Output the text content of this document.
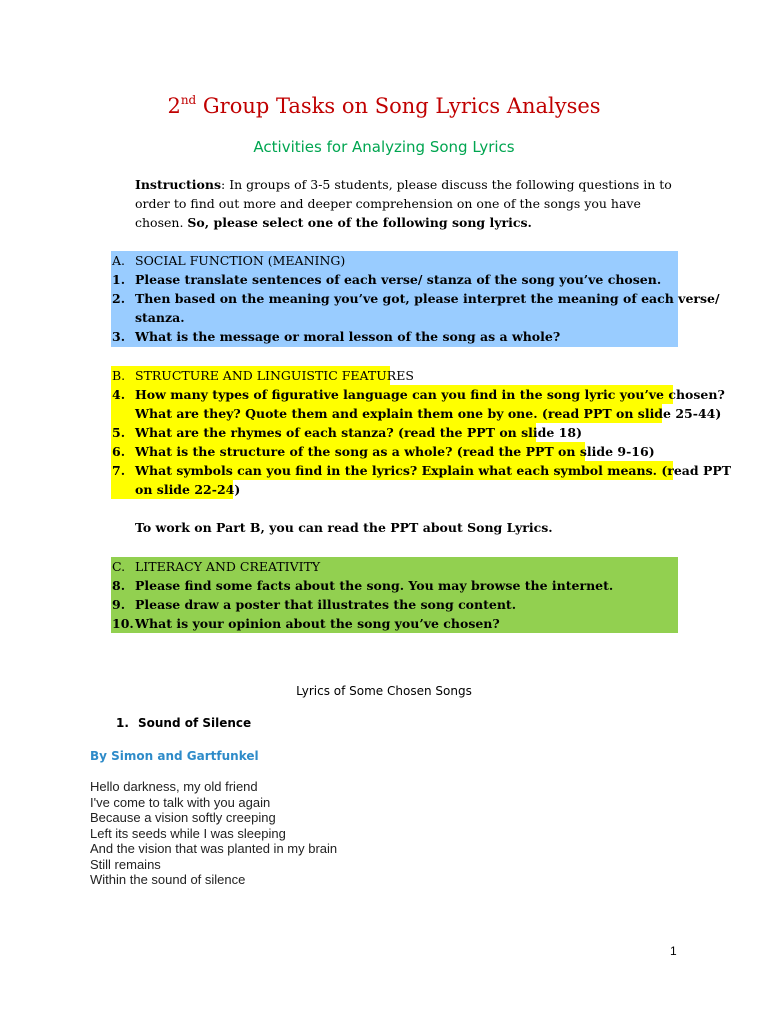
2nd Group Tasks on Song Lyrics Analyses
Activities for Analyzing Song Lyrics
Instructions: In groups of 3-5 students, please discuss the following questions in to order to find out more and deeper comprehension on one of the songs you have chosen. So, please select one of the following song lyrics.
A. SOCIAL FUNCTION (MEANING)
1. Please translate sentences of each verse/ stanza of the song you’ve chosen.
2. Then based on the meaning you’ve got, please interpret the meaning of each verse/
stanza.
3. What is the message or moral lesson of the song as a whole?
B. STRUCTURE AND LINGUISTIC FEATURES
4. How many types of figurative language can you find in the song lyric you’ve chosen?
What are they? Quote them and explain them one by one. (read PPT on slide 25-44)
5. What are the rhymes of each stanza? (read the PPT on slide 18)
6. What is the structure of the song as a whole? (read the PPT on slide 9-16)
7. What symbols can you find in the lyrics? Explain what each symbol means. (read PPT
on slide 22-24)
To work on Part B, you can read the PPT about Song Lyrics.
C. LITERACY AND CREATIVITY
8. Please find some facts about the song. You may browse the internet.
9. Please draw a poster that illustrates the song content.
10. What is your opinion about the song you’ve chosen?
Lyrics of Some Chosen Songs
1. Sound of Silence
By Simon and Gartfunkel
Hello darkness, my old friend
I've come to talk with you again
Because a vision softly creeping
Left its seeds while I was sleeping
And the vision that was planted in my brain
Still remains
Within the sound of silence
1
